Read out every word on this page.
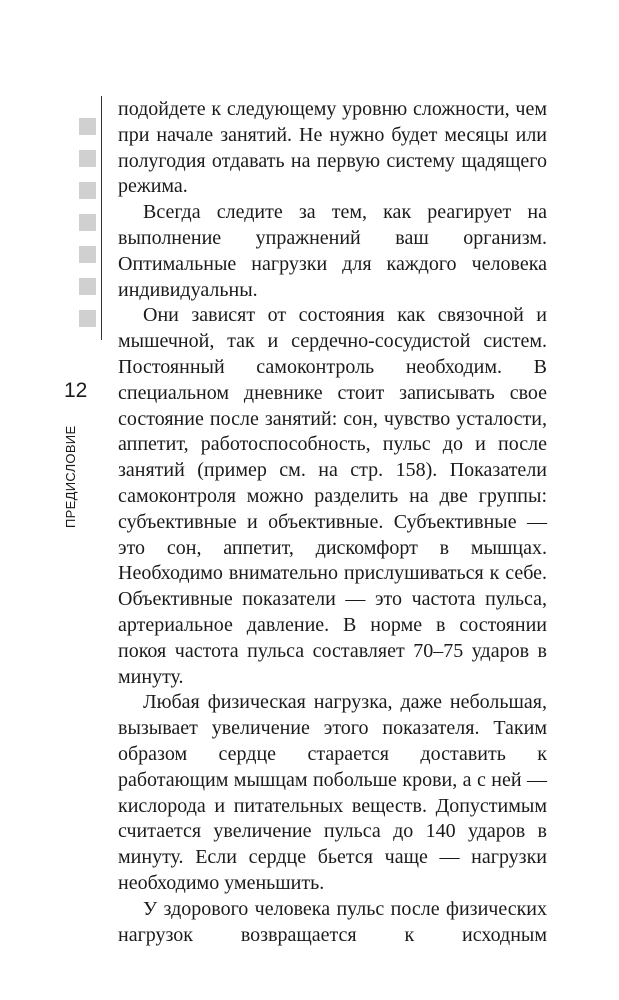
12
ПРЕДИСЛОВИЕ

подойдете к следующему уровню сложности, чем при начале занятий. Не нужно будет месяцы или полугодия отдавать на первую систему щадящего режима.

Всегда следите за тем, как реагирует на выполнение упражнений ваш организм. Оптимальные нагрузки для каждого человека индивидуальны.

Они зависят от состояния как связочной и мышечной, так и сердечно-сосудистой систем. Постоянный самоконтроль необходим. В специальном дневнике стоит записывать свое состояние после занятий: сон, чувство усталости, аппетит, работоспособность, пульс до и после занятий (пример см. на стр. 158). Показатели самоконтроля можно разделить на две группы: субъективные и объективные. Субъективные — это сон, аппетит, дискомфорт в мышцах. Необходимо внимательно прислушиваться к себе. Объективные показатели — это частота пульса, артериальное давление. В норме в состоянии покоя частота пульса составляет 70–75 ударов в минуту.

Любая физическая нагрузка, даже небольшая, вызывает увеличение этого показателя. Таким образом сердце старается доставить к работающим мышцам побольше крови, а с ней — кислорода и питательных веществ. Допустимым считается увеличение пульса до 140 ударов в минуту. Если сердце бьется чаще — нагрузки необходимо уменьшить.

У здорового человека пульс после физических нагрузок возвращается к исходным
